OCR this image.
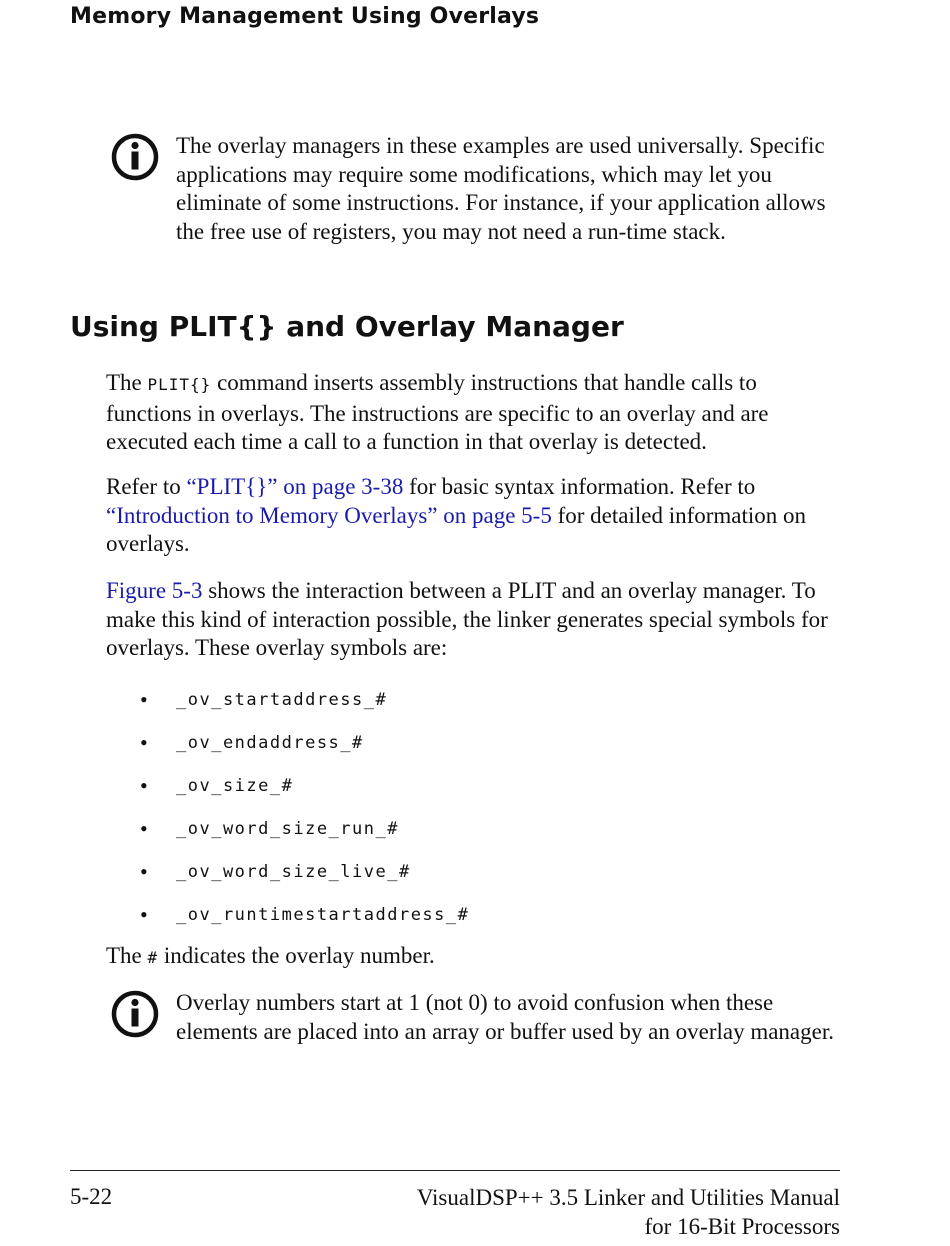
Memory Management Using Overlays
The overlay managers in these examples are used universally. Specific applications may require some modifications, which may let you eliminate of some instructions. For instance, if your application allows the free use of registers, you may not need a run-time stack.
Using PLIT{} and Overlay Manager

The PLIT{} command inserts assembly instructions that handle calls to functions in overlays. The instructions are specific to an overlay and are executed each time a call to a function in that overlay is detected.

Refer to “PLIT{}” on page 3-38 for basic syntax information. Refer to “Introduction to Memory Overlays” on page 5-5 for detailed information on overlays.

Figure 5-3 shows the interaction between a PLIT and an overlay manager. To make this kind of interaction possible, the linker generates special symbols for overlays. These overlay symbols are:

•	_ov_startaddress_#
•	_ov_endaddress_#
•	_ov_size_#
•	_ov_word_size_run_#
•	_ov_word_size_live_#
•	_ov_runtimestartaddress_#

The # indicates the overlay number.

Overlay numbers start at 1 (not 0) to avoid confusion when these elements are placed into an array or buffer used by an overlay manager.
5-22	VisualDSP++ 3.5 Linker and Utilities Manual
for 16-Bit Processors
